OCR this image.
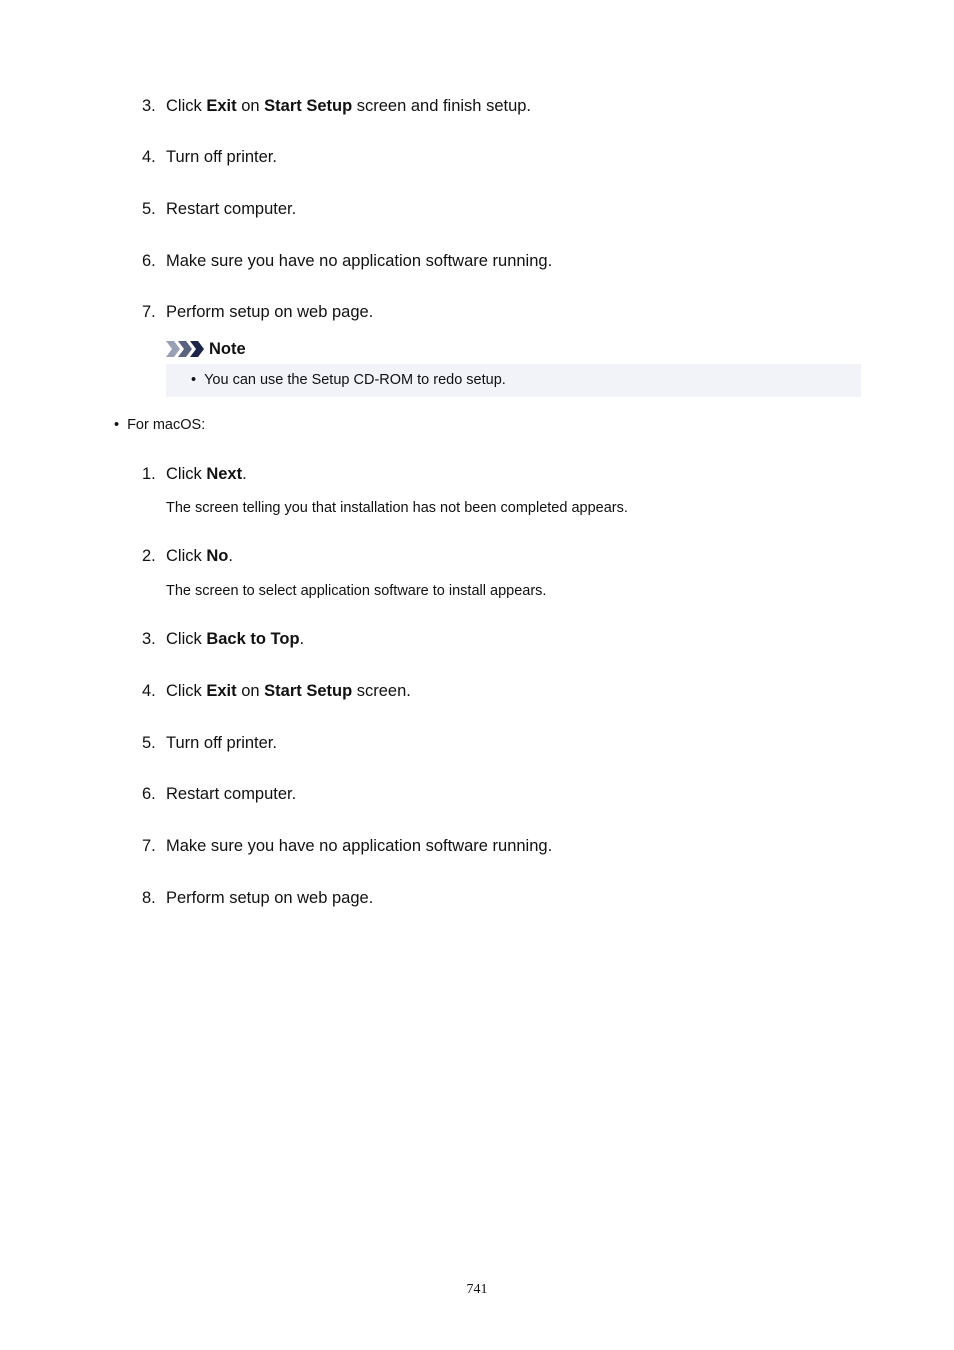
3. Click Exit on Start Setup screen and finish setup.
4. Turn off printer.
5. Restart computer.
6. Make sure you have no application software running.
7. Perform setup on web page.
Note
• You can use the Setup CD-ROM to redo setup.
• For macOS:
1. Click Next.
The screen telling you that installation has not been completed appears.
2. Click No.
The screen to select application software to install appears.
3. Click Back to Top.
4. Click Exit on Start Setup screen.
5. Turn off printer.
6. Restart computer.
7. Make sure you have no application software running.
8. Perform setup on web page.
741
